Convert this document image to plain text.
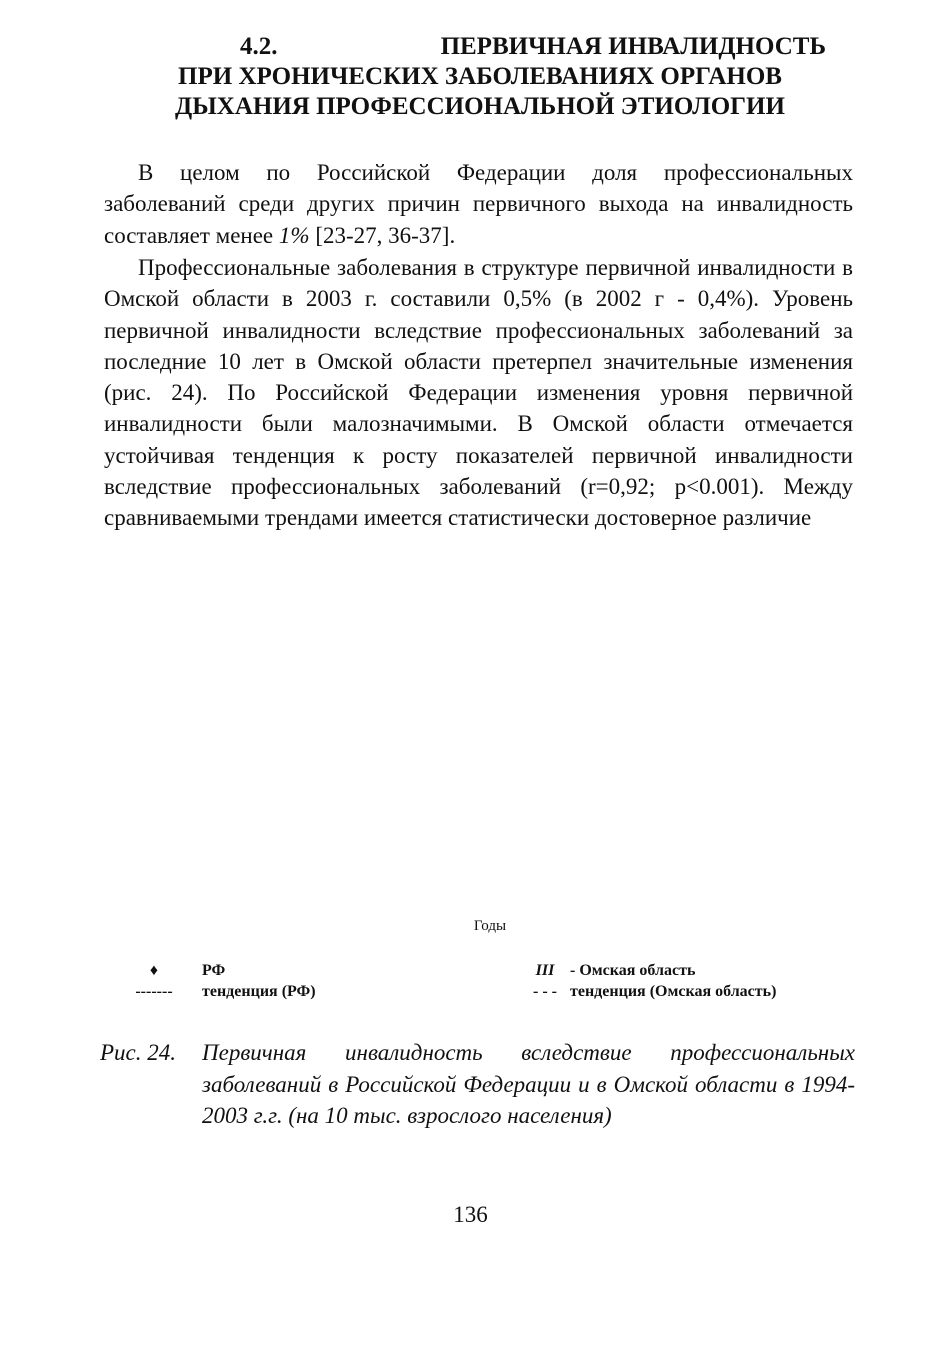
4.2.	ПЕРВИЧНАЯ ИНВАЛИДНОСТЬ
ПРИ ХРОНИЧЕСКИХ ЗАБОЛЕВАНИЯХ ОРГАНОВ
ДЫХАНИЯ ПРОФЕССИОНАЛЬНОЙ ЭТИОЛОГИИ

В целом по Российской Федерации доля профессиональных заболеваний среди других причин первичного выхода на инвалидность составляет менее 1% [23-27, 36-37].

Профессиональные заболевания в структуре первичной инвалидности в Омской области в 2003 г. составили 0,5% (в 2002 г - 0,4%). Уровень первичной инвалидности вследствие профессиональных заболеваний за последние 10 лет в Омской области претерпел значительные изменения (рис. 24). По Российской Федерации изменения уровня первичной инвалидности были малозначимыми. В Омской области отмечается устойчивая тенденция к росту показателей первичной инвалидности вследствие профессиональных заболеваний (r=0,92; p<0.001). Между сравниваемыми трендами имеется статистически достоверное различие

Годы
♦	РФ
-------	тенденция (РФ)
III - Омская область
- - - тенденция (Омская область)
Рис. 24. Первичная инвалидность вследствие профессиональных заболеваний в Российской Федерации и в Омской области в 1994-2003 г.г. (на 10 тыс. взрослого населения)
136
